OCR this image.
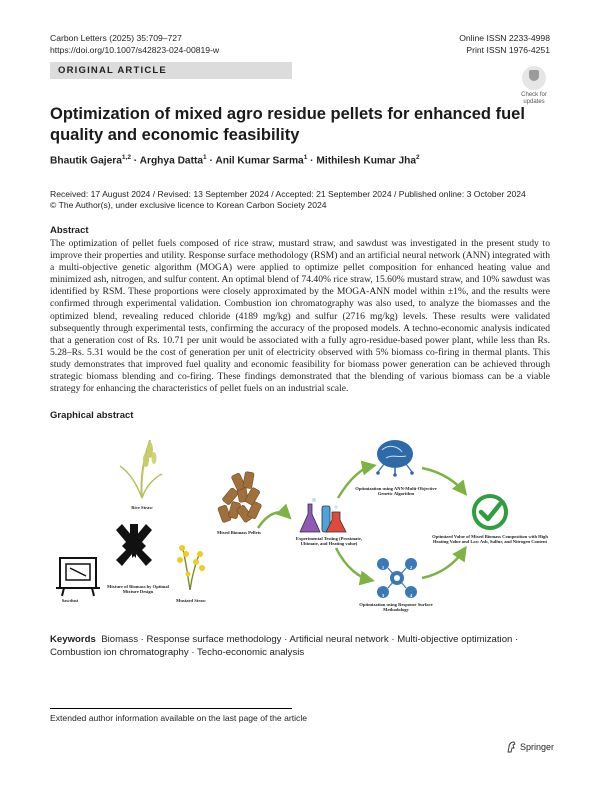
Carbon Letters (2025) 35:709–727
https://doi.org/10.1007/s42823-024-00819-w
Online ISSN 2233-4998
Print ISSN 1976-4251
ORIGINAL ARTICLE
Check for updates
Optimization of mixed agro residue pellets for enhanced fuel quality and economic feasibility
Bhautik Gajera$^{1,2}$ · Arghya Datta$^1$ · Anil Kumar Sarma$^1$ · Mithilesh Kumar Jha$^2$
Received: 17 August 2024 / Revised: 13 September 2024 / Accepted: 21 September 2024 / Published online: 3 October 2024
© The Author(s), under exclusive licence to Korean Carbon Society 2024
Abstract

The optimization of pellet fuels composed of rice straw, mustard straw, and sawdust was investigated in the present study to improve their properties and utility. Response surface methodology (RSM) and an artificial neural network (ANN) integrated with a multi-objective genetic algorithm (MOGA) were applied to optimize pellet composition for enhanced heating value and minimized ash, nitrogen, and sulfur content. An optimal blend of 74.40% rice straw, 15.60% mustard straw, and 10% sawdust was identified by RSM. These proportions were closely approximated by the MOGA-ANN model within ±1%, and the results were confirmed through experimental validation. Combustion ion chromatography was also used, to analyze the biomasses and the optimized blend, revealing reduced chloride (4189 mg/kg) and sulfur (2716 mg/kg) levels. These results were validated subsequently through experimental tests, confirming the accuracy of the proposed models. A techno-economic analysis indicated that a generation cost of Rs. 10.71 per unit would be associated with a fully agro-residue-based power plant, while less than Rs. 5.28–Rs. 5.31 would be the cost of generation per unit of electricity observed with 5% biomass co-firing in thermal plants. This study demonstrates that improved fuel quality and economic feasibility for biomass power generation can be achieved through strategic biomass blending and co-firing. These findings demonstrated that the blending of various biomass can be a viable strategy for enhancing the characteristics of pellet fuels on an industrial scale.

Graphical abstract
Rice Straw
Sawdust	Mustard Straw
Mixture of Biomass by Optimal Mixture Design
Mixed Biomass Pellets
Experimental Testing (Proximate, Ultimate, and Heating value)
Optimization using ANN-Multi-Objective Genetic Algorithm
Optimization using Response Surface Methodology
Optimized Value of Mixed Biomass Composition with High Heating Value and Low Ash, Sulfur, and Nitrogen Content
1	2
3	4
Keywords Biomass · Response surface methodology · Artificial neural network · Multi-objective optimization · Combustion ion chromatography · Techo-economic analysis
Extended author information available on the last page of the article
Springer
